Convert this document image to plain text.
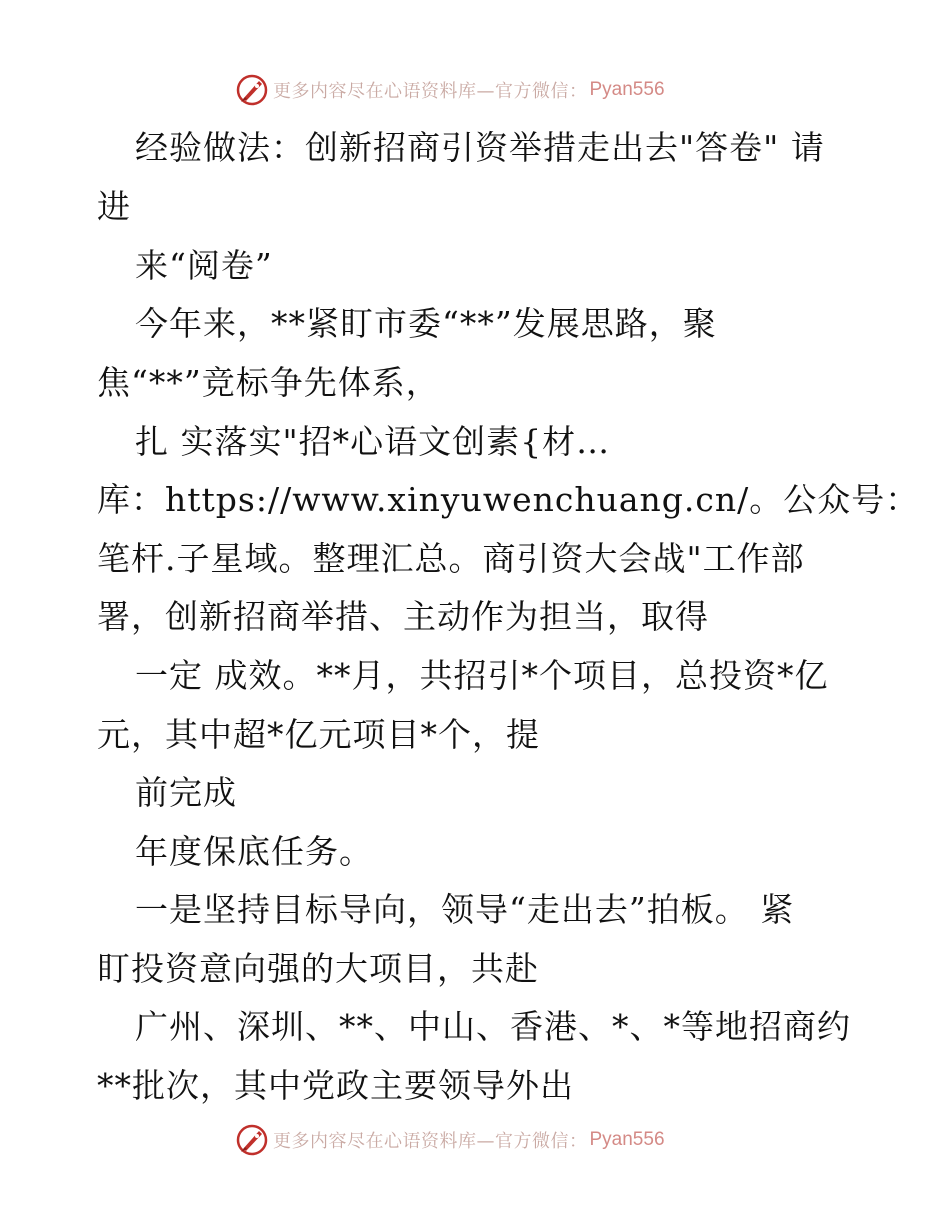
更多内容尽在心语资料库—官方微信： Pyan556
经验做法：创新招商引资举措走出去"答卷" 请
进
来“阅卷”
今年来，**紧盯市委“**”发展思路，聚
焦“**”竞标争先体系，
扎 实落实"招*心语文创素{材…
库：https://www.xinyuwenchuang.cn/。公众号：
笔杆.子星域。整理汇总。商引资大会战"工作部
署，创新招商举措、主动作为担当，取得
一定 成效。**月，共招引*个项目，总投资*亿
元，其中超*亿元项目*个，提
前完成
年度保底任务。
一是坚持目标导向，领导“走出去”拍板。 紧
盯投资意向强的大项目，共赴
广州、深圳、**、中山、香港、*、*等地招商约
**批次，其中党政主要领导外出
更多内容尽在心语资料库—官方微信： Pyan556
